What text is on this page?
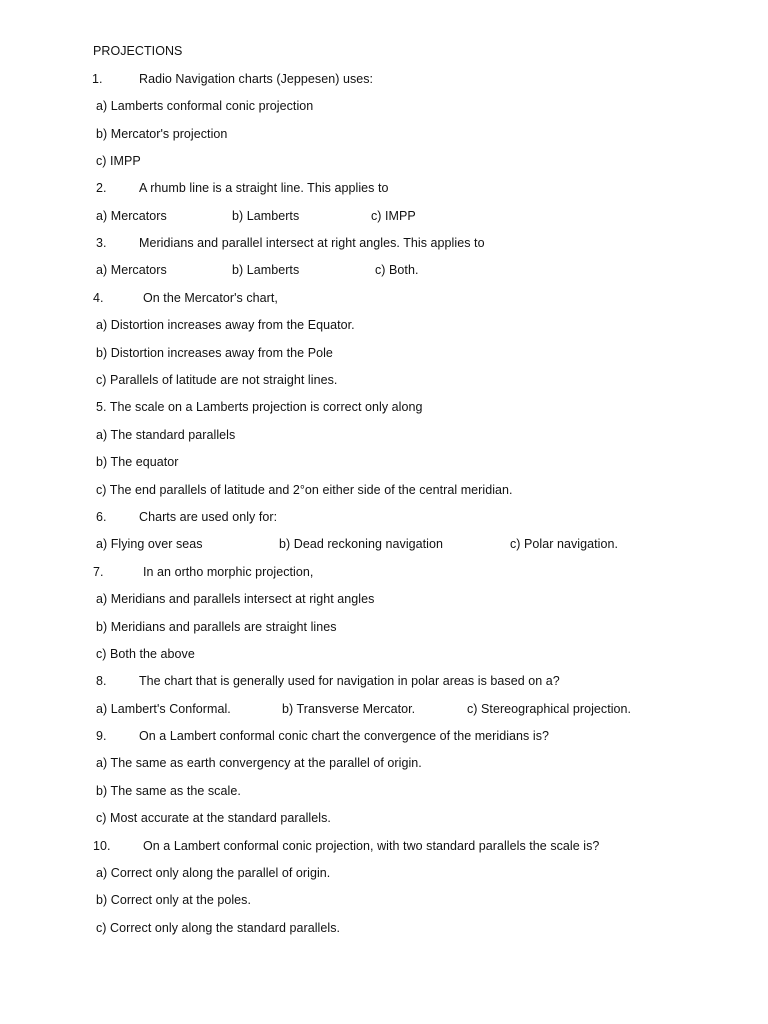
PROJECTIONS
1.	Radio Navigation charts (Jeppesen) uses:
a) Lamberts conformal conic projection
b) Mercator's projection
c) IMPP
2.	A rhumb line is a straight line. This applies to
a) Mercators	b) Lamberts	c) IMPP
3.	Meridians and parallel intersect at right angles. This applies to
a) Mercators	b) Lamberts	c) Both.
4.	On the Mercator's chart,
a) Distortion increases away from the Equator.
b) Distortion increases away from the Pole
c) Parallels of latitude are not straight lines.
5. The scale on a Lamberts projection is correct only along
a) The standard parallels
b) The equator
c) The end parallels of latitude and 2°on either side of the central meridian.
6.	Charts are used only for:
a) Flying over seas	b) Dead reckoning navigation	c) Polar navigation.
7.	In an ortho morphic projection,
a) Meridians and parallels intersect at right angles
b) Meridians and parallels are straight lines
c) Both the above
8.	The chart that is generally used for navigation in polar areas is based on a?
a) Lambert's Conformal.	b) Transverse Mercator.	c) Stereographical projection.
9.	On a Lambert conformal conic chart the convergence of the meridians is?
a) The same as earth convergency at the parallel of origin.
b) The same as the scale.
c) Most accurate at the standard parallels.
10.	On a Lambert conformal conic projection, with two standard parallels the scale is?
a) Correct only along the parallel of origin.
b) Correct only at the poles.
c) Correct only along the standard parallels.
